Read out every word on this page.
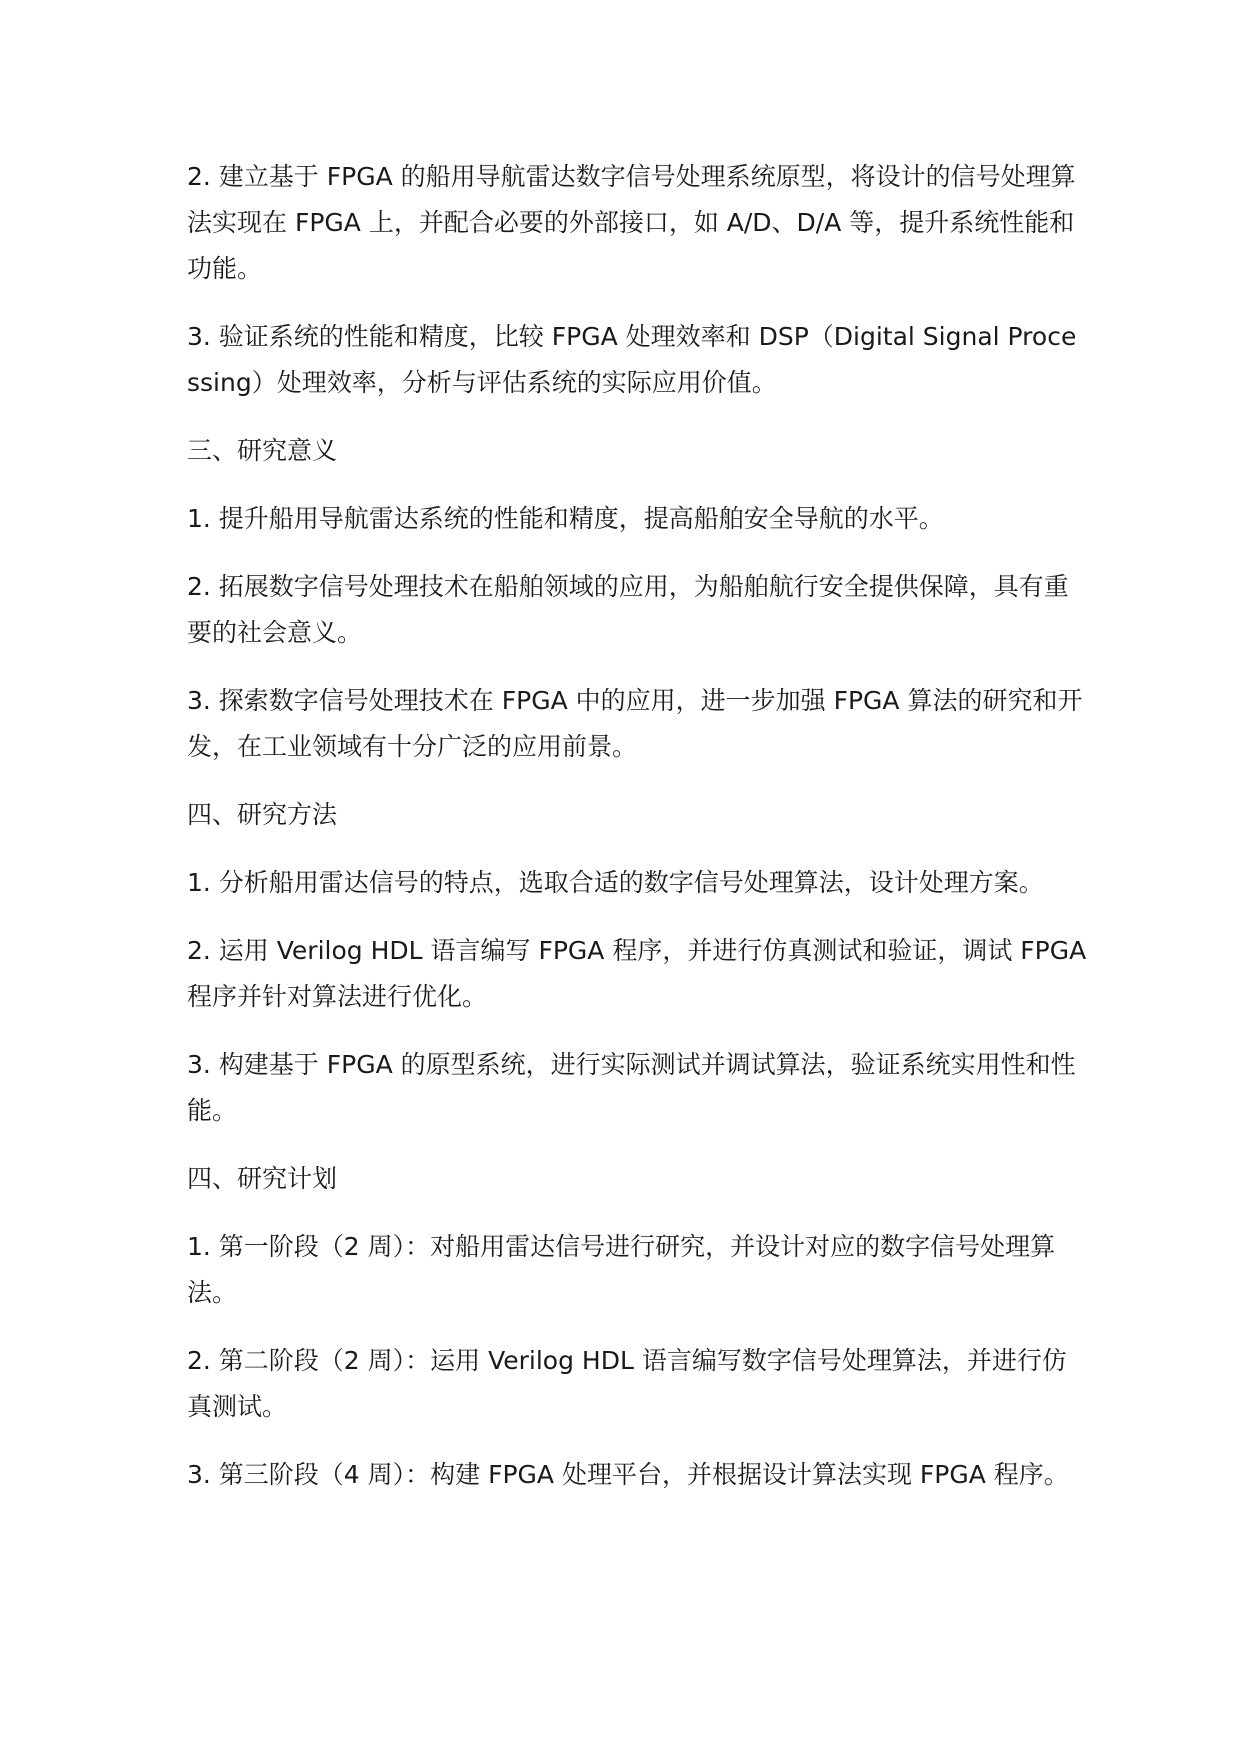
2. 建立基于 FPGA 的船用导航雷达数字信号处理系统原型，将设计的信号处理算法实现在 FPGA 上，并配合必要的外部接口，如 A/D、D/A 等，提升系统性能和功能。

3. 验证系统的性能和精度，比较 FPGA 处理效率和 DSP（Digital Signal Processing）处理效率，分析与评估系统的实际应用价值。

三、研究意义

1. 提升船用导航雷达系统的性能和精度，提高船舶安全导航的水平。

2. 拓展数字信号处理技术在船舶领域的应用，为船舶航行安全提供保障，具有重要的社会意义。

3. 探索数字信号处理技术在 FPGA 中的应用，进一步加强 FPGA 算法的研究和开发，在工业领域有十分广泛的应用前景。

四、研究方法

1. 分析船用雷达信号的特点，选取合适的数字信号处理算法，设计处理方案。

2. 运用 Verilog HDL 语言编写 FPGA 程序，并进行仿真测试和验证，调试 FPGA 程序并针对算法进行优化。

3. 构建基于 FPGA 的原型系统，进行实际测试并调试算法，验证系统实用性和性能。

四、研究计划

1. 第一阶段（2 周）：对船用雷达信号进行研究，并设计对应的数字信号处理算法。

2. 第二阶段（2 周）：运用 Verilog HDL 语言编写数字信号处理算法，并进行仿真测试。

3. 第三阶段（4 周）：构建 FPGA 处理平台，并根据设计算法实现 FPGA 程序。
